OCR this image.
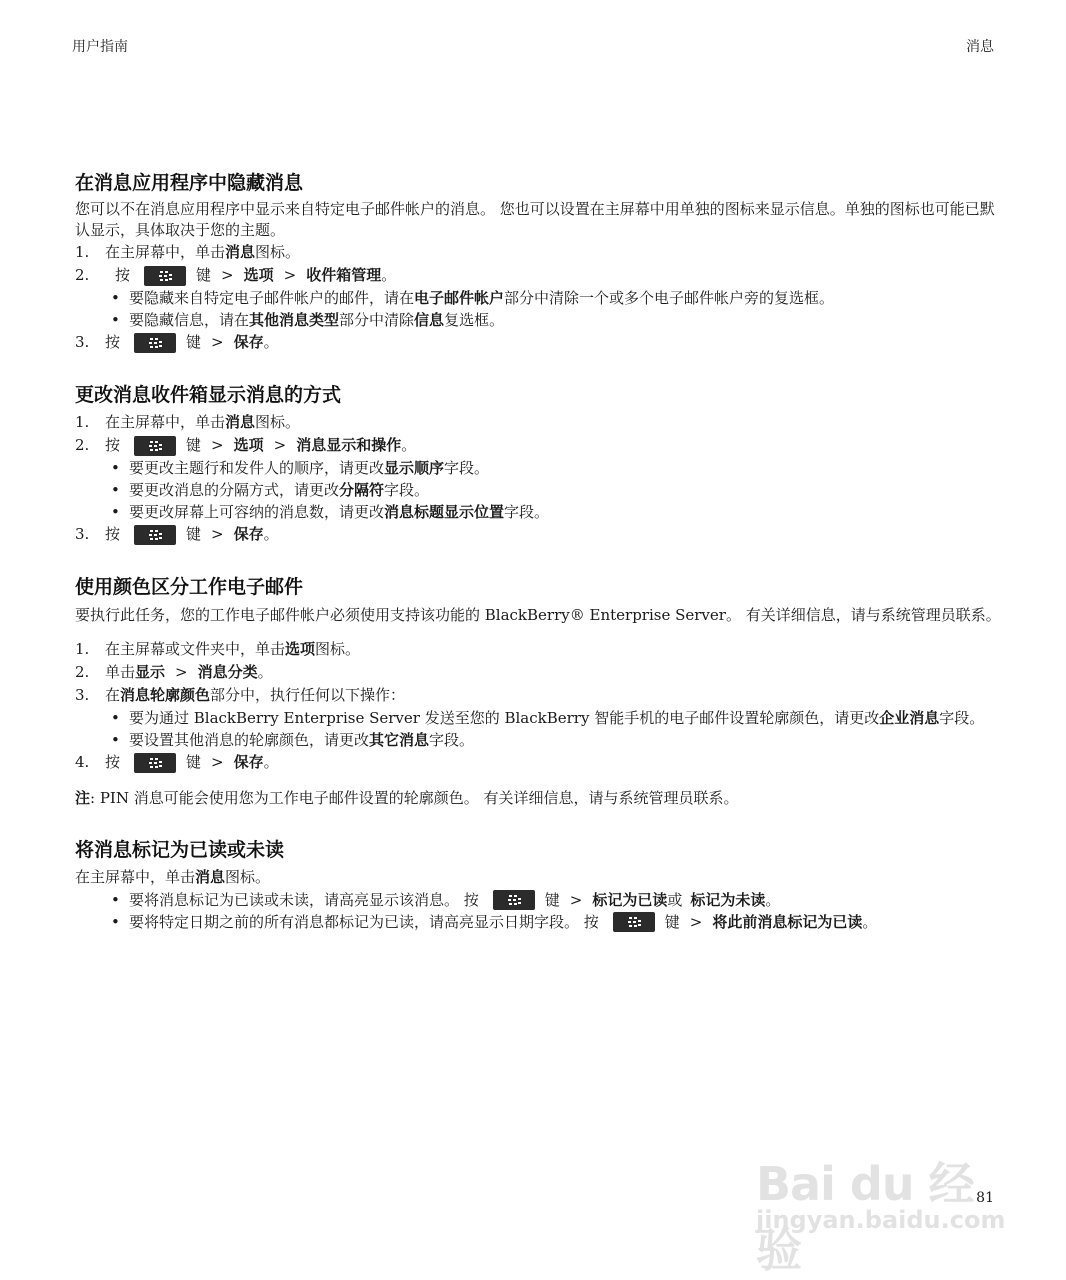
用户指南	消息
在消息应用程序中隐藏消息

您可以不在消息应用程序中显示来自特定电子邮件帐户的消息。 您也可以设置在主屏幕中用单独的图标来显示信息。单独的图标也可能已默认显示，具体取决于您的主题。

1.	在主屏幕中，单击 消息 图标。
2.	按	键 > 选项 > 收件箱管理 。
• 要隐藏来自特定电子邮件帐户的邮件，请在电子邮件帐户部分中清除一个或多个电子邮件帐户旁的复选框。
• 要隐藏信息，请在其他消息类型部分中清除信息复选框。
3.	按	键 > 保存 。
更改消息收件箱显示消息的方式
1.	在主屏幕中，单击 消息 图标。
2.	按	键 > 选项 > 消息显示和操作 。
• 要更改主题行和发件人的顺序，请更改显示顺序字段。
• 要更改消息的分隔方式，请更改分隔符字段。
• 要更改屏幕上可容纳的消息数，请更改消息标题显示位置字段。
3.	按	键 > 保存 。
使用颜色区分工作电子邮件

要执行此任务，您的工作电子邮件帐户必须使用支持该功能的 BlackBerry® Enterprise Server。 有关详细信息，请与系统管理员联系。

1.	在主屏幕或文件夹中，单击 选项 图标。
2.	单击 显示 > 消息分类 。
3.	在 消息轮廓颜色 部分中，执行任何以下操作：
• 要为通过 BlackBerry Enterprise Server 发送至您的 BlackBerry 智能手机的电子邮件设置轮廓颜色，请更改企业消息字段。
• 要设置其他消息的轮廓颜色，请更改其它消息字段。
4.	按	键 > 保存 。

注: PIN 消息可能会使用您为工作电子邮件设置的轮廓颜色。 有关详细信息，请与系统管理员联系。

将消息标记为已读或未读
在主屏幕中，单击 消息 图标。
• 要将消息标记为已读或未读，请高亮显示该消息。 按	键 > 标记为已读 或 标记为未读 。
• 要将特定日期之前的所有消息都标记为已读，请高亮显示日期字段。 按	键 > 将此前消息标记为已读 。
Bai du 经验
jingyan.baidu.com
81
